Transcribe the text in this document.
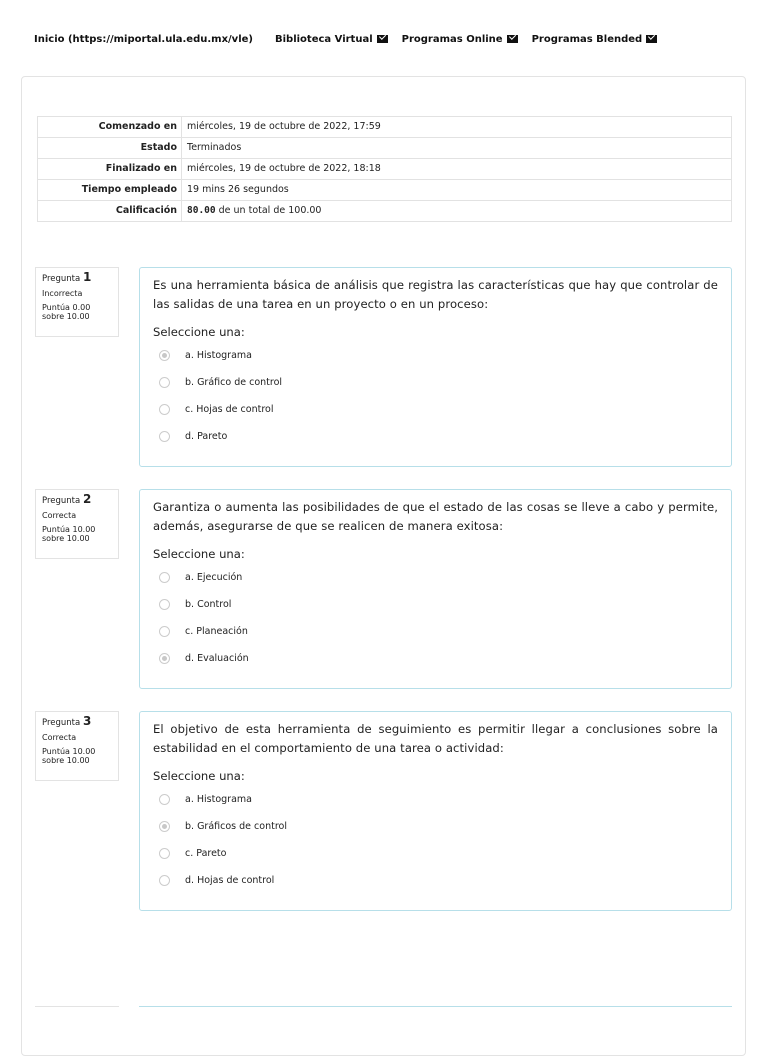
Inicio (https://miportal.ula.edu.mx/vle) Biblioteca Virtual	Programas Online	Programas Blended
Comenzado en	miércoles, 19 de octubre de 2022, 17:59
Estado	Terminados
Finalizado en	miércoles, 19 de octubre de 2022, 18:18
Tiempo empleado	19 mins 26 segundos
Calificación	80.00 de un total de 100.00
Pregunta 1
Incorrecta
Puntúa 0.00 sobre 10.00
Es una herramienta básica de análisis que registra las características que hay que controlar de las salidas de una tarea en un proyecto o en un proceso:
Seleccione una:
a. Histograma
b. Gráfico de control
c. Hojas de control
d. Pareto
Pregunta 2
Correcta
Puntúa 10.00 sobre 10.00
Garantiza o aumenta las posibilidades de que el estado de las cosas se lleve a cabo y permite, además, asegurarse de que se realicen de manera exitosa:
Seleccione una:
a. Ejecución
b. Control
c. Planeación
d. Evaluación
Pregunta 3
Correcta
Puntúa 10.00 sobre 10.00
El objetivo de esta herramienta de seguimiento es permitir llegar a conclusiones sobre la estabilidad en el comportamiento de una tarea o actividad:
Seleccione una:
a. Histograma
b. Gráficos de control
c. Pareto
d. Hojas de control
